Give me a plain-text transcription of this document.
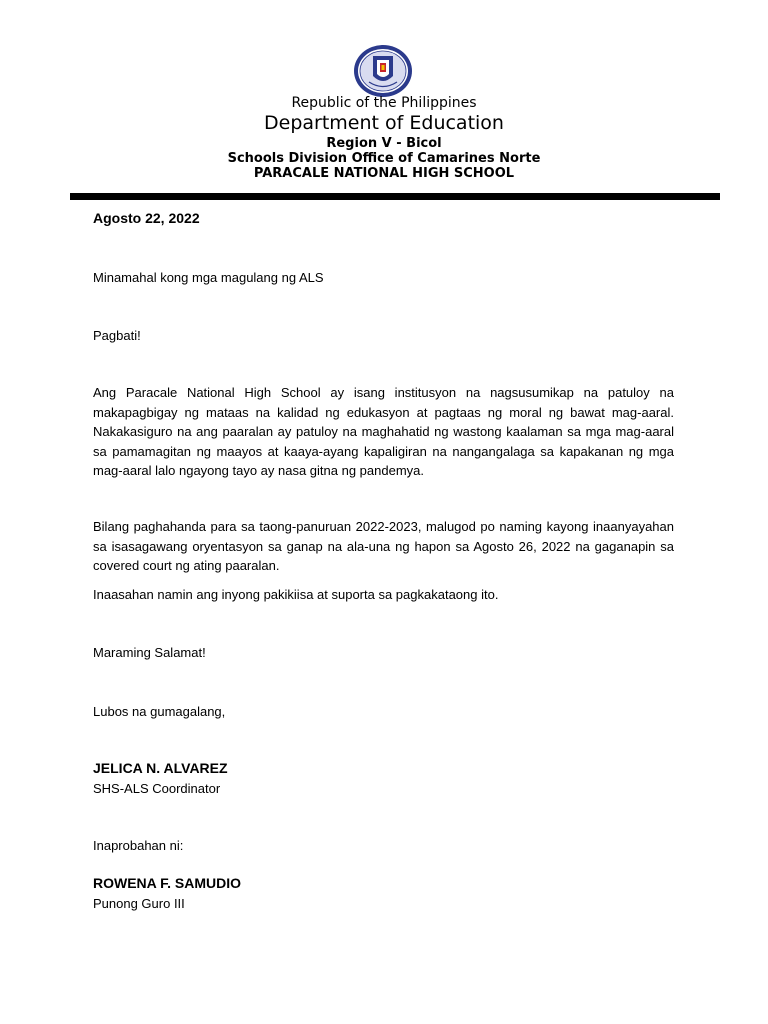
Republic of the Philippines
Department of Education
Region V - Bicol
Schools Division Office of Camarines Norte
PARACALE NATIONAL HIGH SCHOOL
Agosto 22, 2022
Minamahal kong mga magulang ng ALS
Pagbati!
Ang Paracale National High School ay isang institusyon na nagsusumikap na patuloy na makapagbigay ng mataas na kalidad ng edukasyon at pagtaas ng moral ng bawat mag-aaral. Nakakasiguro na ang paaralan ay patuloy na maghahatid ng wastong kaalaman sa mga mag-aaral sa pamamagitan ng maayos at kaaya-ayang kapaligiran na nangangalaga sa kapakanan ng mga mag-aaral lalo ngayong tayo ay nasa gitna ng pandemya.
Bilang paghahanda para sa taong-panuruan 2022-2023, malugod po naming kayong inaanyayahan sa isasagawang oryentasyon sa ganap na ala-una ng hapon sa Agosto 26, 2022 na gaganapin sa covered court ng ating paaralan.
Inaasahan namin ang inyong pakikiisa at suporta sa pagkakataong ito.
Maraming Salamat!
Lubos na gumagalang,
JELICA N. ALVAREZ
SHS-ALS Coordinator
Inaprobahan ni:
ROWENA F. SAMUDIO
Punong Guro III
